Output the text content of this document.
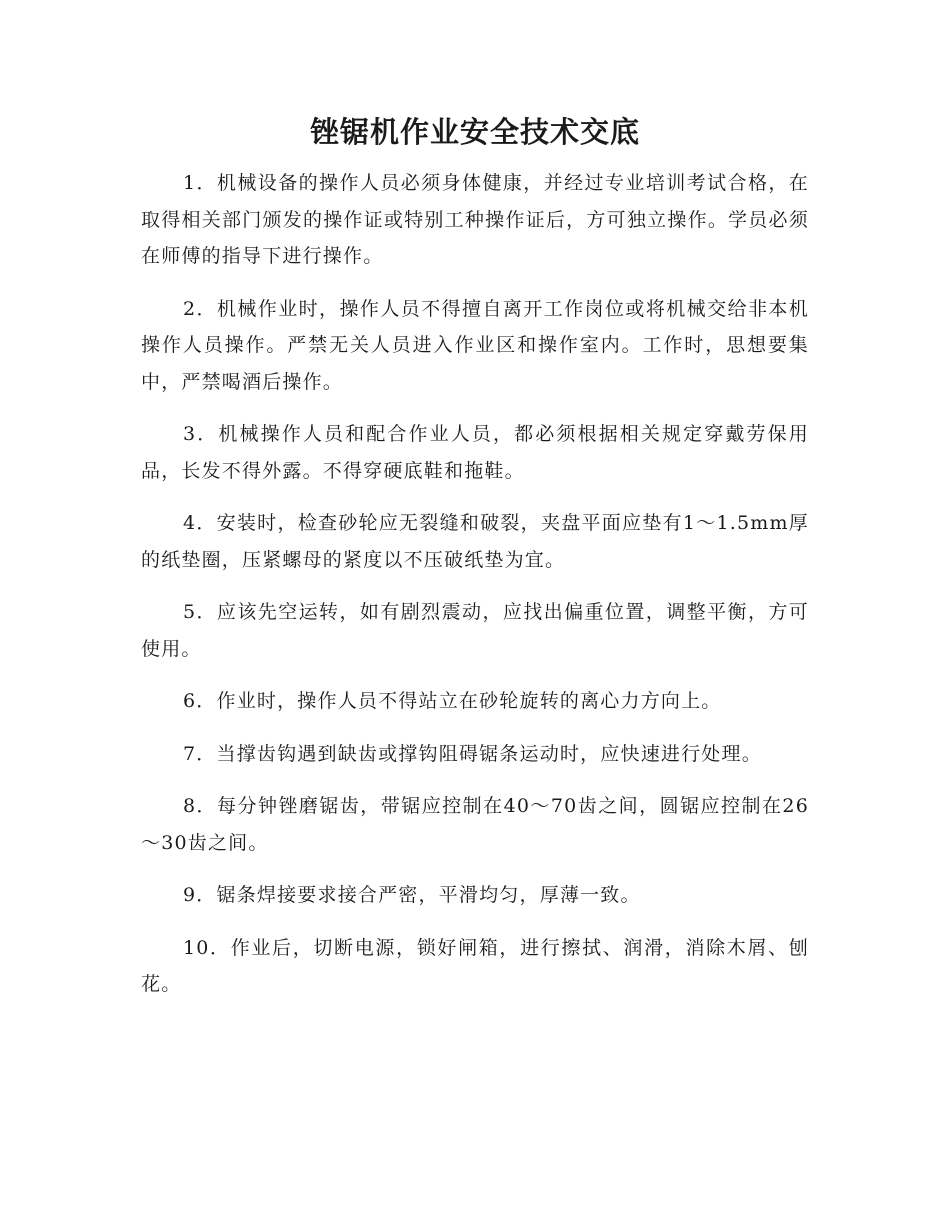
锉锯机作业安全技术交底

1．机械设备的操作人员必须身体健康，并经过专业培训考试合格，在取得相关部门颁发的操作证或特别工种操作证后，方可独立操作。学员必须在师傅的指导下进行操作。

2．机械作业时，操作人员不得擅自离开工作岗位或将机械交给非本机操作人员操作。严禁无关人员进入作业区和操作室内。工作时，思想要集中，严禁喝酒后操作。

3．机械操作人员和配合作业人员，都必须根据相关规定穿戴劳保用品，长发不得外露。不得穿硬底鞋和拖鞋。

4．安装时，检查砂轮应无裂缝和破裂，夹盘平面应垫有1～1.5mm厚的纸垫圈，压紧螺母的紧度以不压破纸垫为宜。

5．应该先空运转，如有剧烈震动，应找出偏重位置，调整平衡，方可使用。

6．作业时，操作人员不得站立在砂轮旋转的离心力方向上。

7．当撑齿钩遇到缺齿或撑钩阻碍锯条运动时，应快速进行处理。

8．每分钟锉磨锯齿，带锯应控制在40～70齿之间，圆锯应控制在26～30齿之间。

9．锯条焊接要求接合严密，平滑均匀，厚薄一致。

10．作业后，切断电源，锁好闸箱，进行擦拭、润滑，消除木屑、刨花。
